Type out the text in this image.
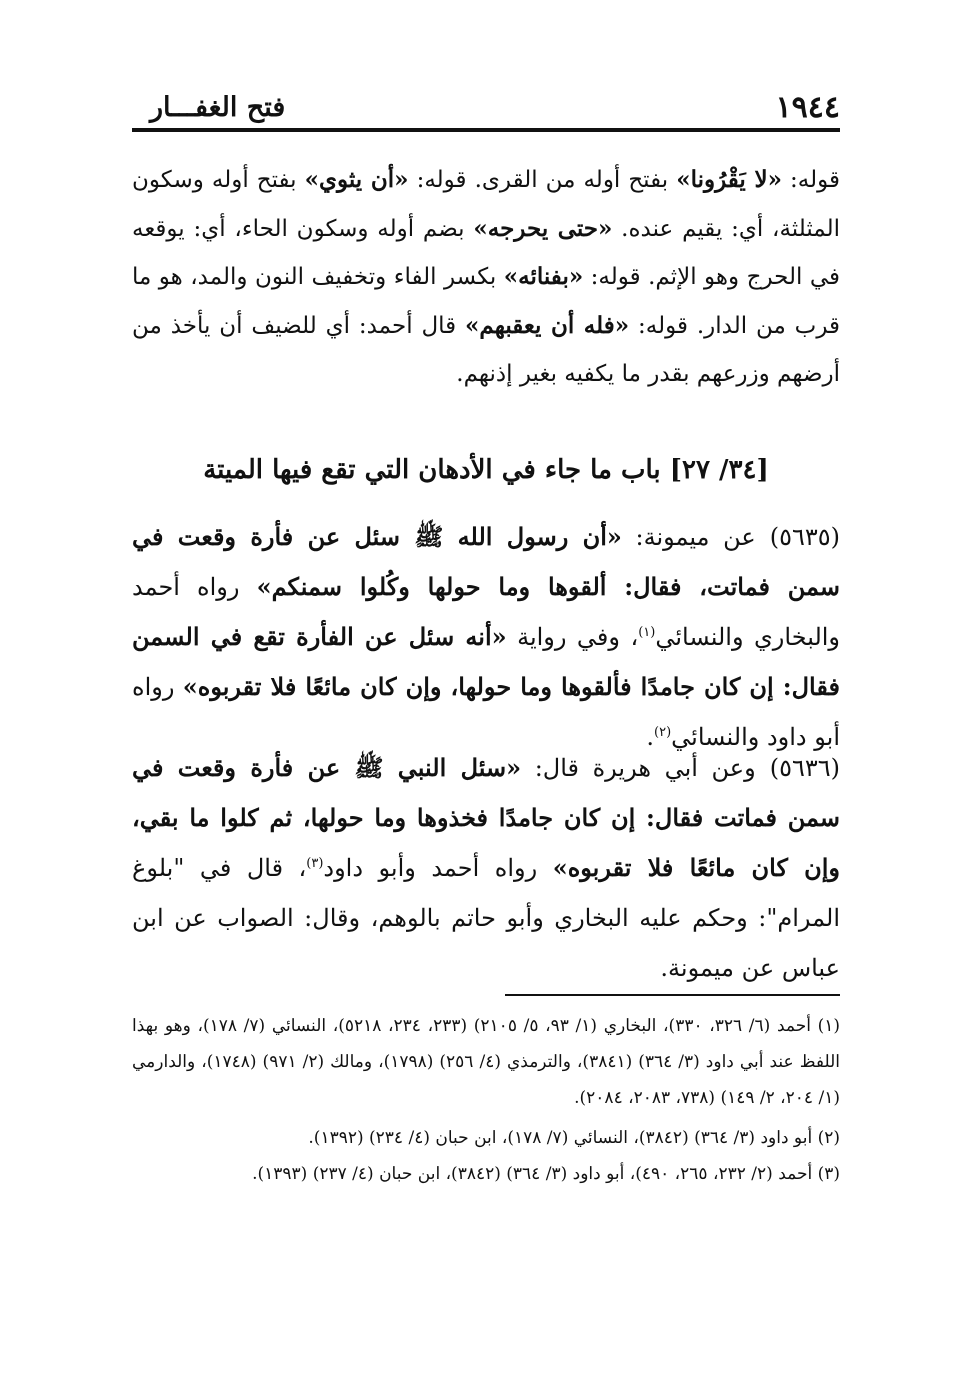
١٩٤٤
فتح الغفـــار
قوله: «لا يَقْرُونا» بفتح أوله من القرى. قوله: «أن يثوي» بفتح أوله وسكون المثلثة، أي: يقيم عنده. «حتى يحرجه» بضم أوله وسكون الحاء، أي: يوقعه في الحرج وهو الإثم. قوله: «بفنائه» بكسر الفاء وتخفيف النون والمد، هو ما قرب من الدار. قوله: «فله أن يعقبهم» قال أحمد: أي للضيف أن يأخذ من أرضهم وزرعهم بقدر ما يكفيه بغير إذنهم.
[٣٤/ ٢٧] باب ما جاء في الأدهان التي تقع فيها الميتة
(٥٦٣٥)عن ميمونة: «أن رسول الله ﷺ سئل عن فأرة وقعت في سمن فماتت، فقال: ألقوها وما حولها وكُلوا سمنكم» رواه أحمد والبخاري والنسائي$^{(١)}$، وفي رواية «أنه سئل عن الفأرة تقع في السمن فقال: إن كان جامدًا فألقوها وما حولها، وإن كان مائعًا فلا تقربوه» رواه أبو داود والنسائي$^{(٢)}$.
(٥٦٣٦)وعن أبي هريرة قال: «سئل النبي ﷺ عن فأرة وقعت في سمن فماتت فقال: إن كان جامدًا فخذوها وما حولها، ثم كلوا ما بقي، وإن كان مائعًا فلا تقربوه» رواه أحمد وأبو داود$^{(٣)}$، قال في "بلوغ المرام": وحكم عليه البخاري وأبو حاتم بالوهم، وقال: الصواب عن ابن عباس عن ميمونة.

(١) أحمد (٦/ ٣٢٦، ٣٣٠)، البخاري (١/ ٩٣، ٥/ ٢١٠٥) (٢٣٣، ٢٣٤، ٥٢١٨)، النسائي (٧/ ١٧٨)، وهو بهذا اللفظ عند أبي داود (٣/ ٣٦٤) (٣٨٤١)، والترمذي (٤/ ٢٥٦) (١٧٩٨)، ومالك (٢/ ٩٧١) (١٧٤٨)، والدارمي (١/ ٢٠٤، ٢/ ١٤٩) (٧٣٨، ٢٠٨٣، ٢٠٨٤).

(٢) أبو داود (٣/ ٣٦٤) (٣٨٤٢)، النسائي (٧/ ١٧٨)، ابن حبان (٤/ ٢٣٤) (١٣٩٢).

(٣) أحمد (٢/ ٢٣٢، ٢٦٥، ٤٩٠)، أبو داود (٣/ ٣٦٤) (٣٨٤٢)، ابن حبان (٤/ ٢٣٧) (١٣٩٣).
